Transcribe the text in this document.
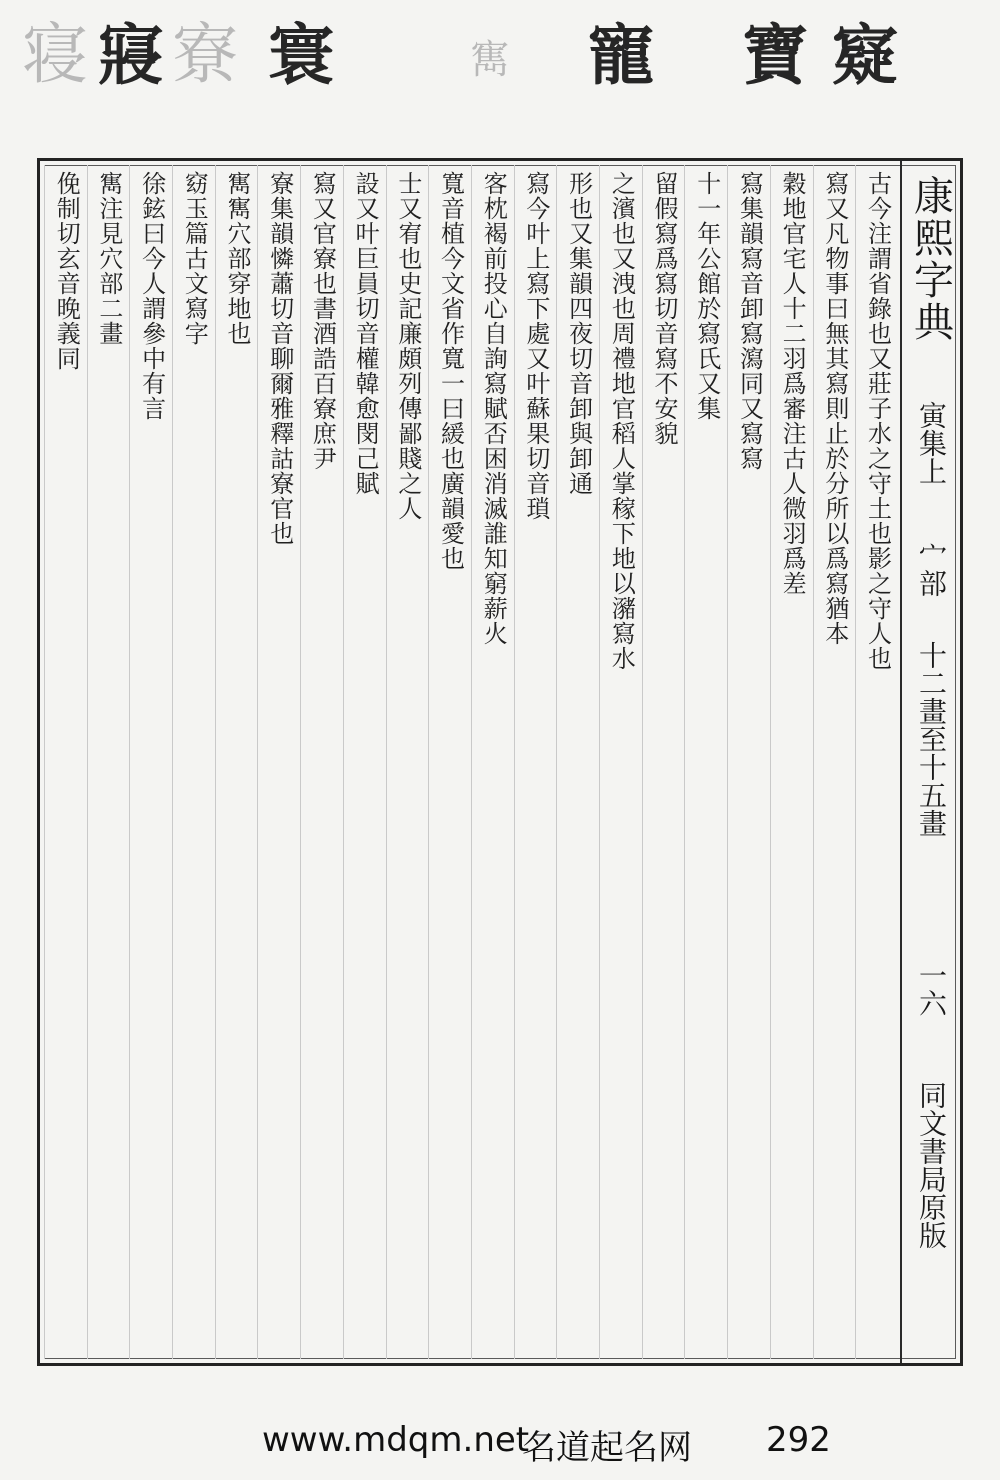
寝 寢 寮 寰	寯 寵 寶 寲
康熙字典
寅集上
宀部
十二畫至十五畫
一六
同文書局原版
古今注謂省錄也又莊子水之守土也影之守人也
寫又凡物事曰無其寫則止於分所以爲寫猶本
穀地官宅人十二羽爲審注古人微羽爲差
寫集韻寫音卸寫瀉同又寫寫
十一年公館於寫氏又集
留假寫爲寫切音寫不安貌
之濱也又洩也周禮地官稻人掌稼下地以瀦寫水
形也又集韻四夜切音卸與卸通
寫今叶上寫下處又叶蘇果切音瑣
客枕褐前投心自詢寫賦否困消滅誰知窮薪火
寬音植今文省作寬一曰緩也廣韻愛也
士又宥也史記廉頗列傳鄙賤之人
設又叶巨員切音權韓愈閔己賦
寫又官寮也書酒誥百寮庶尹
寮集韻憐蕭切音聊爾雅釋詁寮官也
寯寯穴部穿地也
窈玉篇古文寫字
徐鉉曰今人謂參中有言
寯注見穴部二畫
俛制切玄音晚義同
www.mdqm.net
名道起名网 292
